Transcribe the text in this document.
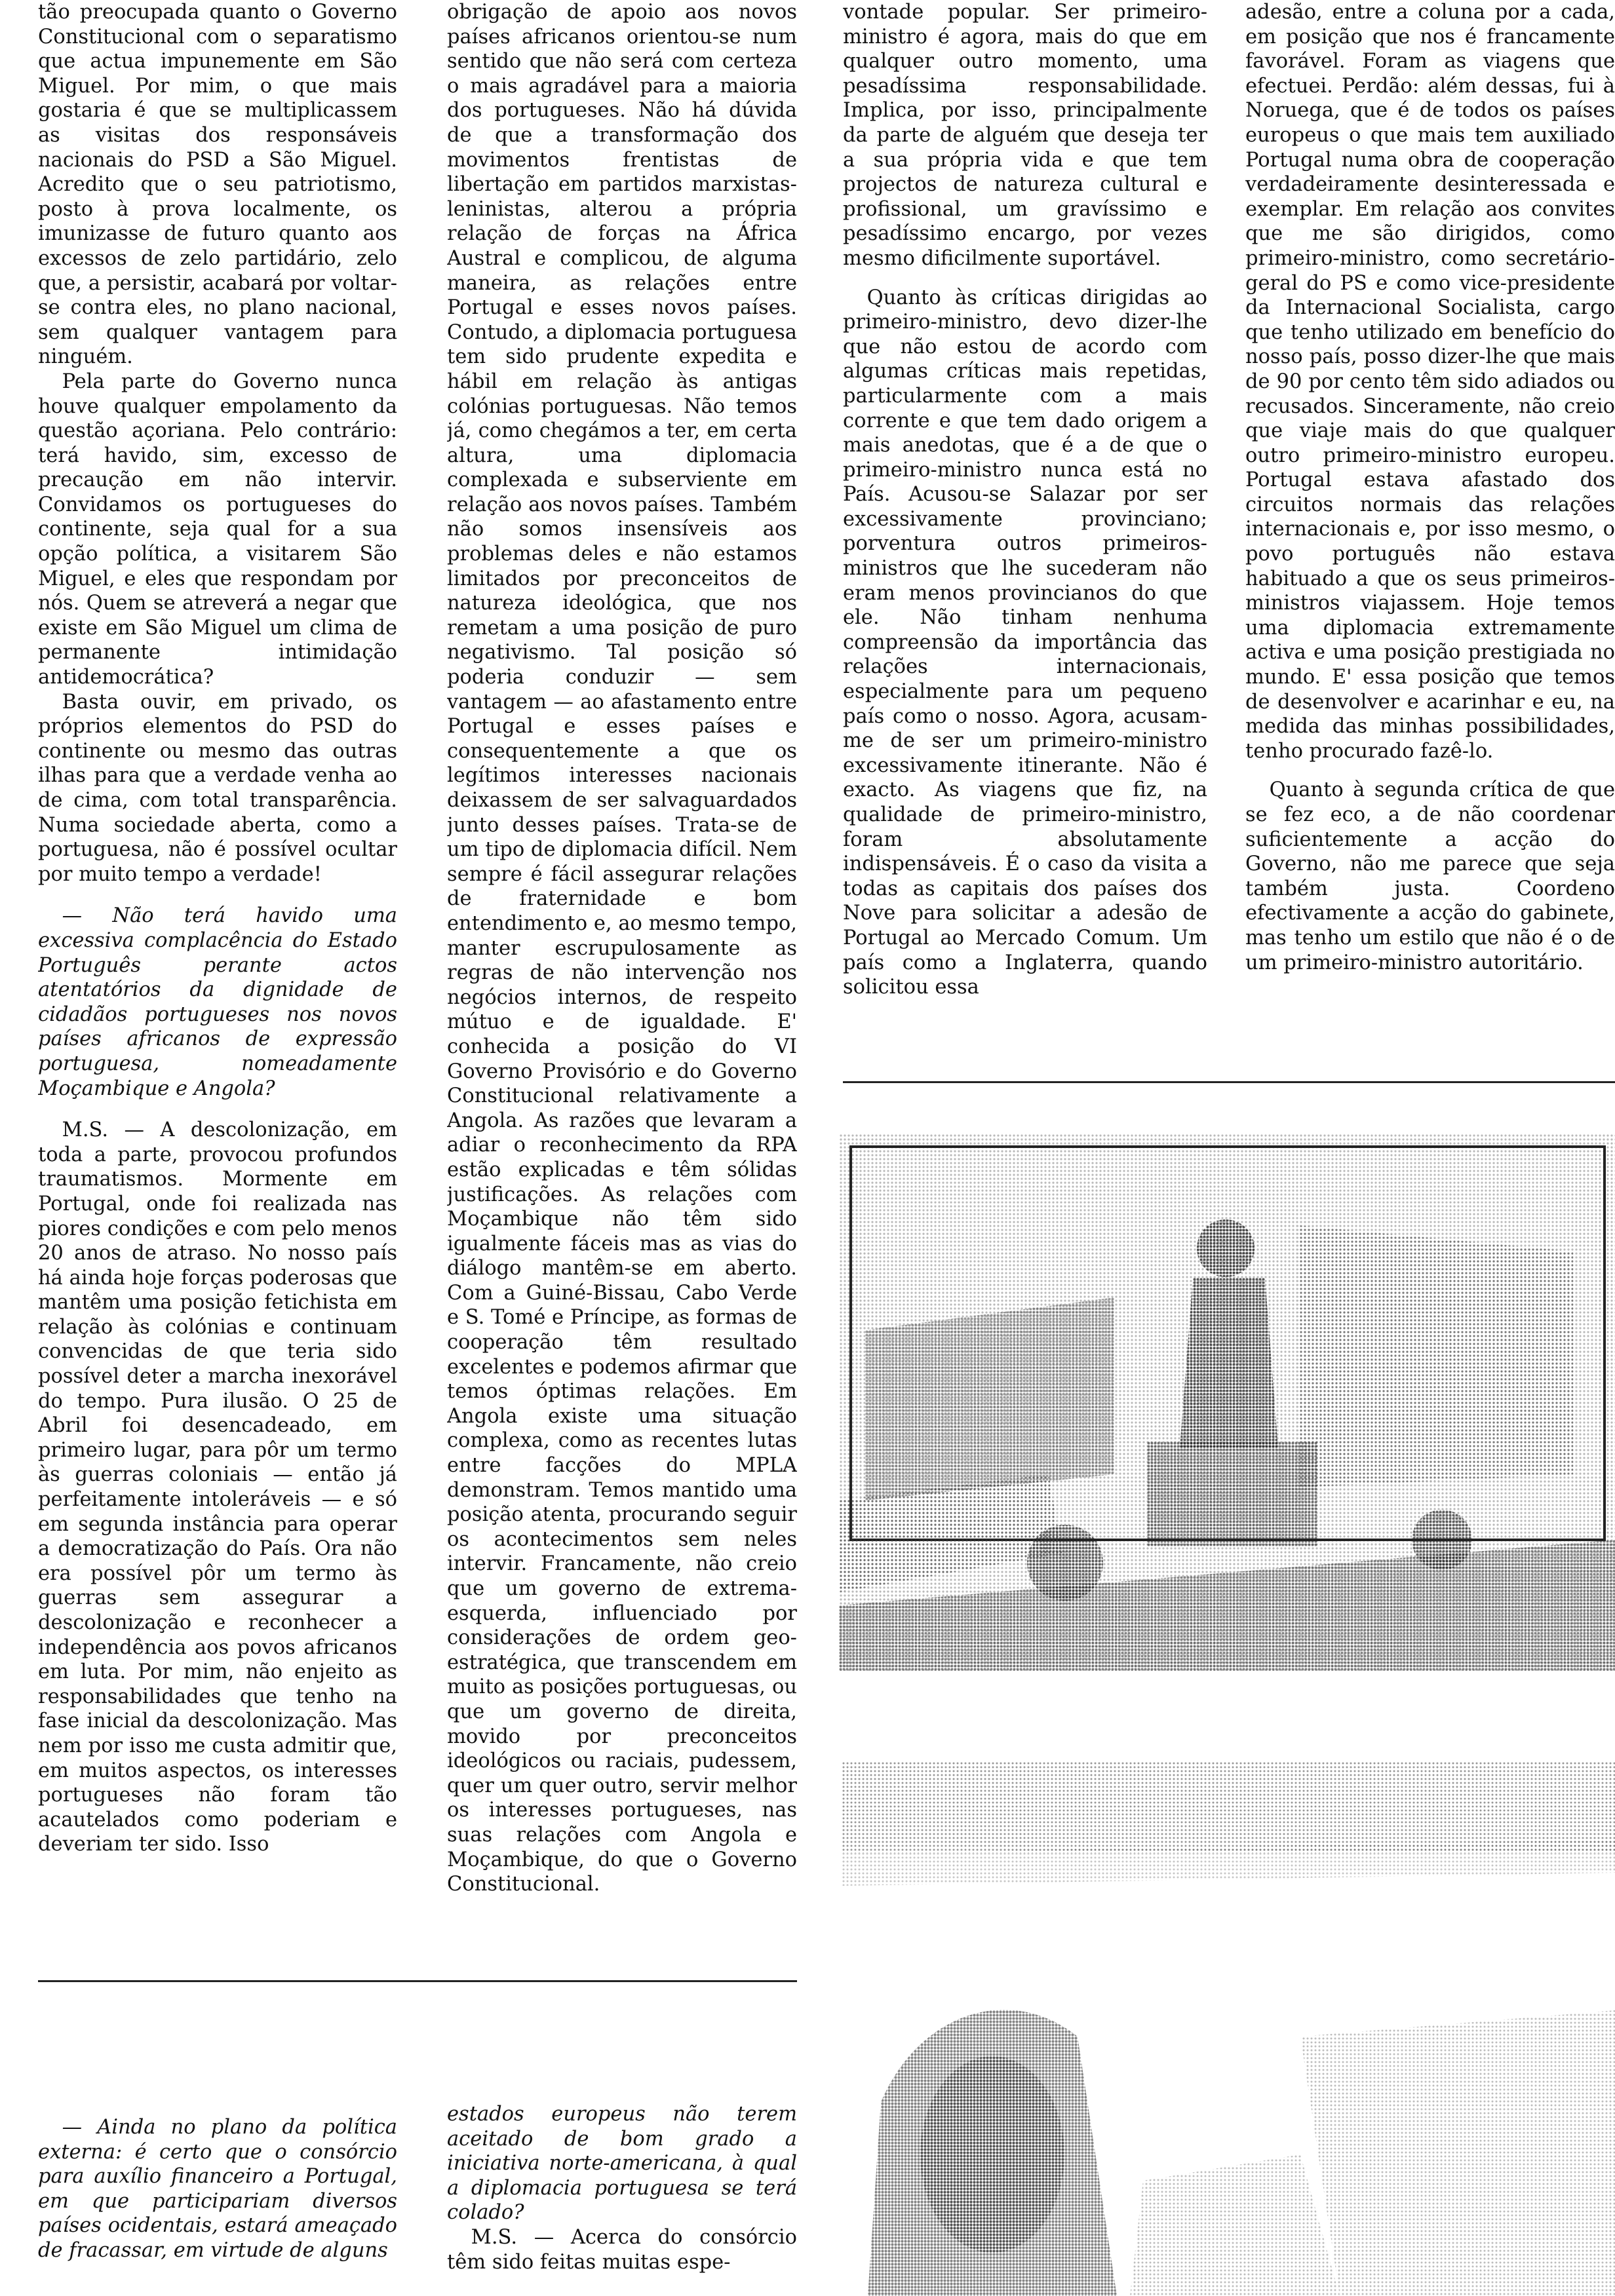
tão preocupada quanto o Governo Constitucional com o separatismo que actua impunemente em São Miguel. Por mim, o que mais gostaria é que se multiplicassem as visitas dos responsáveis nacionais do PSD a São Miguel. Acredito que o seu patriotismo, posto à prova localmente, os imunizasse de futuro quanto aos excessos de zelo partidário, zelo que, a persistir, acabará por voltar-se contra eles, no plano nacional, sem qualquer vantagem para ninguém.

Pela parte do Governo nunca houve qualquer empolamento da questão açoriana. Pelo contrário: terá havido, sim, excesso de precaução em não intervir. Convidamos os portugueses do continente, seja qual for a sua opção política, a visitarem São Miguel, e eles que respondam por nós. Quem se atreverá a negar que existe em São Miguel um clima de permanente intimidação antidemocrática?

Basta ouvir, em privado, os próprios elementos do PSD do continente ou mesmo das outras ilhas para que a verdade venha ao de cima, com total transparência. Numa sociedade aberta, como a portuguesa, não é possível ocultar por muito tempo a verdade!

— Não terá havido uma excessiva complacência do Estado Português perante actos atentatórios da dignidade de cidadãos portugueses nos novos países africanos de expressão portuguesa, nomeadamente Moçambique e Angola?

M.S. — A descolonização, em toda a parte, provocou profundos traumatismos. Mormente em Portugal, onde foi realizada nas piores condições e com pelo menos 20 anos de atraso. No nosso país há ainda hoje forças poderosas que mantêm uma posição fetichista em relação às colónias e continuam convencidas de que teria sido possível deter a marcha inexorável do tempo. Pura ilusão. O 25 de Abril foi desencadeado, em primeiro lugar, para pôr um termo às guerras coloniais — então já perfeitamente intoleráveis — e só em segunda instância para operar a democratização do País. Ora não era possível pôr um termo às guerras sem assegurar a descolonização e reconhecer a independência aos povos africanos em luta. Por mim, não enjeito as responsabilidades que tenho na fase inicial da descolonização. Mas nem por isso me custa admitir que, em muitos aspectos, os interesses portugueses não foram tão acautelados como poderiam e deveriam ter sido. Isso

obrigação de apoio aos novos países africanos orientou-se num sentido que não será com certeza o mais agradável para a maioria dos portugueses. Não há dúvida de que a transformação dos movimentos frentistas de libertação em partidos marxistas-leninistas, alterou a própria relação de forças na África Austral e complicou, de alguma maneira, as relações entre Portugal e esses novos países. Contudo, a diplomacia portuguesa tem sido prudente expedita e hábil em relação às antigas colónias portuguesas. Não temos já, como chegámos a ter, em certa altura, uma diplomacia complexada e subserviente em relação aos novos países. Também não somos insensíveis aos problemas deles e não estamos limitados por preconceitos de natureza ideológica, que nos remetam a uma posição de puro negativismo. Tal posição só poderia conduzir — sem vantagem — ao afastamento entre Portugal e esses países e consequentemente a que os legítimos interesses nacionais deixassem de ser salvaguardados junto desses países. Trata-se de um tipo de diplomacia difícil. Nem sempre é fácil assegurar relações de fraternidade e bom entendimento e, ao mesmo tempo, manter escrupulosamente as regras de não intervenção nos negócios internos, de respeito mútuo e de igualdade. E' conhecida a posição do VI Governo Provisório e do Governo Constitucional relativamente a Angola. As razões que levaram a adiar o reconhecimento da RPA estão explicadas e têm sólidas justificações. As relações com Moçambique não têm sido igualmente fáceis mas as vias do diálogo mantêm-se em aberto. Com a Guiné-Bissau, Cabo Verde e S. Tomé e Príncipe, as formas de cooperação têm resultado excelentes e podemos afirmar que temos óptimas relações. Em Angola existe uma situação complexa, como as recentes lutas entre facções do MPLA demonstram. Temos mantido uma posição atenta, procurando seguir os acontecimentos sem neles intervir. Francamente, não creio que um governo de extrema-esquerda, influenciado por considerações de ordem geo-estratégica, que transcendem em muito as posições portuguesas, ou que um governo de direita, movido por preconceitos ideológicos ou raciais, pudessem, quer um quer outro, servir melhor os interesses portugueses, nas suas relações com Angola e Moçambique, do que o Governo Constitucional.

vontade popular. Ser primeiro-ministro é agora, mais do que em qualquer outro momento, uma pesadíssima responsabilidade. Implica, por isso, principalmente da parte de alguém que deseja ter a sua própria vida e que tem projectos de natureza cultural e profissional, um gravíssimo e pesadíssimo encargo, por vezes mesmo dificilmente suportável.

Quanto às críticas dirigidas ao primeiro-ministro, devo dizer-lhe que não estou de acordo com algumas críticas mais repetidas, particularmente com a mais corrente e que tem dado origem a mais anedotas, que é a de que o primeiro-ministro nunca está no País. Acusou-se Salazar por ser excessivamente provinciano; porventura outros primeiros-ministros que lhe sucederam não eram menos provincianos do que ele. Não tinham nenhuma compreensão da importância das relações internacionais, especialmente para um pequeno país como o nosso. Agora, acusam-me de ser um primeiro-ministro excessivamente itinerante. Não é exacto. As viagens que fiz, na qualidade de primeiro-ministro, foram absolutamente indispensáveis. É o caso da visita a todas as capitais dos países dos Nove para solicitar a adesão de Portugal ao Mercado Comum. Um país como a Inglaterra, quando solicitou essa

adesão, entre a coluna por a cada, em posição que nos é francamente favorável. Foram as viagens que efectuei. Perdão: além dessas, fui à Noruega, que é de todos os países europeus o que mais tem auxiliado Portugal numa obra de cooperação verdadeiramente desinteressada e exemplar. Em relação aos convites que me são dirigidos, como primeiro-ministro, como secretário-geral do PS e como vice-presidente da Internacional Socialista, cargo que tenho utilizado em benefício do nosso país, posso dizer-lhe que mais de 90 por cento têm sido adiados ou recusados. Sinceramente, não creio que viaje mais do que qualquer outro primeiro-ministro europeu. Portugal estava afastado dos circuitos normais das relações internacionais e, por isso mesmo, o povo português não estava habituado a que os seus primeiros-ministros viajassem. Hoje temos uma diplomacia extremamente activa e uma posição prestigiada no mundo. E' essa posição que temos de desenvolver e acarinhar e eu, na medida das minhas possibilidades, tenho procurado fazê-lo.

Quanto à segunda crítica de que se fez eco, a de não coordenar suficientemente a acção do Governo, não me parece que seja também justa. Coordeno efectivamente a acção do gabinete, mas tenho um estilo que não é o de um primeiro-ministro autoritário.

— Ainda no plano da política externa: é certo que o consórcio para auxílio financeiro a Portugal, em que participariam diversos países ocidentais, estará ameaçado de fracassar, em virtude de alguns

estados europeus não terem aceitado de bom grado a iniciativa norte-americana, à qual a diplomacia portuguesa se terá colado?

M.S. — Acerca do consórcio têm sido feitas muitas espe-
